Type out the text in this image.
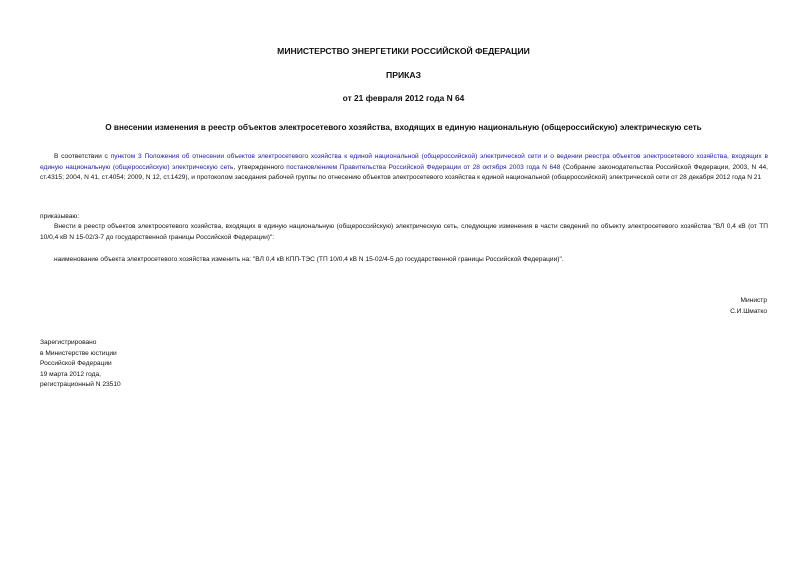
МИНИСТЕРСТВО ЭНЕРГЕТИКИ РОССИЙСКОЙ ФЕДЕРАЦИИ
ПРИКАЗ
от 21 февраля 2012 года N 64
О внесении изменения в реестр объектов электросетевого хозяйства, входящих в единую национальную (общероссийскую) электрическую сеть
В соответствии с пунктом 3 Положения об отнесении объектов электросетевого хозяйства к единой национальной (общероссийской) электрической сети и о ведении реестра объектов электросетевого хозяйства, входящих в единую национальную (общероссийскую) электрическую сеть, утвержденного постановлением Правительства Российской Федерации от 28 октября 2003 года N 648 (Собрание законодательства Российской Федерации, 2003, N 44, ст.4315; 2004, N 41, ст.4054; 2009, N 12, ст.1429), и протоколом заседания рабочей группы по отнесению объектов электросетевого хозяйства к единой национальной (общероссийской) электрической сети от 28 декабря 2012 года N 21
приказываю:
Внести в реестр объектов электросетевого хозяйства, входящих в единую национальную (общероссийскую) электрическую сеть, следующие изменения в части сведений по объекту электросетевого хозяйства "ВЛ 0,4 кВ (от ТП 10/0,4 кВ N 15-02/3-7 до государственной границы Российской Федерации)":
наименование объекта электросетевого хозяйства изменить на: "ВЛ 0,4 кВ КПП-ТЭС (ТП 10/0,4 кВ N 15-02/4-5 до государственной границы Российской Федерации)".
Министр
С.И.Шматко
Зарегистрировано
в Министерстве юстиции
Российской Федерации
19 марта 2012 года,
регистрационный N 23510
